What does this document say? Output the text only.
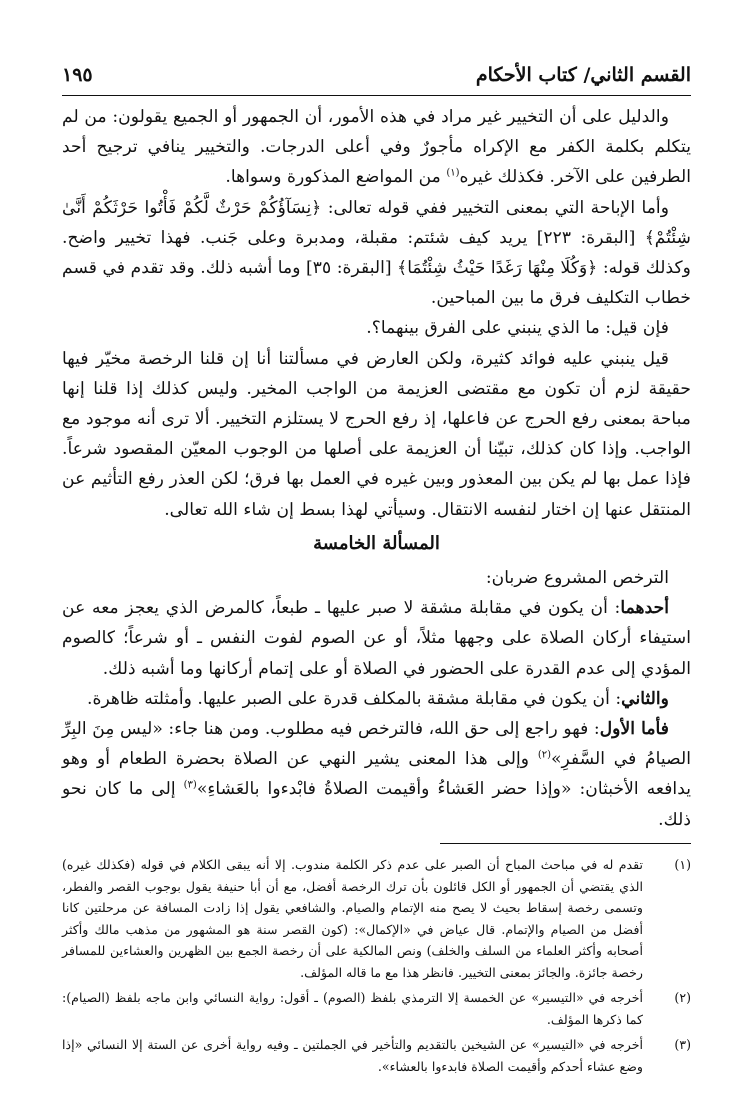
القسم الثاني/ كتاب الأحكام
١٩٥

والدليل على أن التخيير غير مراد في هذه الأمور، أن الجمهور أو الجميع يقولون: من لم يتكلم بكلمة الكفر مع الإكراه مأجورٌ وفي أعلى الدرجات. والتخيير ينافي ترجيح أحد الطرفين على الآخر. فكذلك غيره$^{(١)}$ من المواضع المذكورة وسواها.

وأما الإباحة التي بمعنى التخيير ففي قوله تعالى: ﴿نِسَآؤُكُمْ حَرْثٌ لَّكُمْ فَأْتُوا حَرْثَكُمْ أَنَّىٰ شِئْتُمْ﴾ [البقرة: ٢٢٣] يريد كيف شئتم: مقبلة، ومدبرة وعلى جَنب. فهذا تخيير واضح. وكذلك قوله: ﴿وَكُلَا مِنْهَا رَغَدًا حَيْثُ شِئْتُمَا﴾ [البقرة: ٣٥] وما أشبه ذلك. وقد تقدم في قسم خطاب التكليف فرق ما بين المباحين.

فإن قيل: ما الذي ينبني على الفرق بينهما؟.

قيل ينبني عليه فوائد كثيرة، ولكن العارض في مسألتنا أنا إن قلنا الرخصة مخيّر فيها حقيقة لزم أن تكون مع مقتضى العزيمة من الواجب المخير. وليس كذلك إذا قلنا إنها مباحة بمعنى رفع الحرج عن فاعلها، إذ رفع الحرج لا يستلزم التخيير. ألا ترى أنه موجود مع الواجب. وإذا كان كذلك، تبيّنا أن العزيمة على أصلها من الوجوب المعيّن المقصود شرعاً. فإذا عمل بها لم يكن بين المعذور وبين غيره في العمل بها فرق؛ لكن العذر رفع التأثيم عن المنتقل عنها إن اختار لنفسه الانتقال. وسيأتي لهذا بسط إن شاء الله تعالى.

المسألة الخامسة

الترخص المشروع ضربان:

أحدهما: أن يكون في مقابلة مشقة لا صبر عليها ـ طبعاً، كالمرض الذي يعجز معه عن استيفاء أركان الصلاة على وجهها مثلاً، أو عن الصوم لفوت النفس ـ أو شرعاً؛ كالصوم المؤدي إلى عدم القدرة على الحضور في الصلاة أو على إتمام أركانها وما أشبه ذلك.

والثاني: أن يكون في مقابلة مشقة بالمكلف قدرة على الصبر عليها. وأمثلته ظاهرة.

فأما الأول: فهو راجع إلى حق الله، فالترخص فيه مطلوب. ومن هنا جاء: «ليس مِنَ البِرِّ الصيامُ في السَّفرِ»$^{(٢)}$ وإلى هذا المعنى يشير النهي عن الصلاة بحضرة الطعام أو وهو يدافعه الأخبثان: «وإذا حضر العَشاءُ وأقيمت الصلاةُ فابْدءوا بالعَشاءِ»$^{(٣)}$ إلى ما كان نحو ذلك.

(١)
تقدم له في مباحث المباح أن الصبر على عدم ذكر الكلمة مندوب. إلا أنه يبقى الكلام في قوله (فكذلك غيره) الذي يقتضي أن الجمهور أو الكل قائلون بأن ترك الرخصة أفضل، مع أن أبا حنيفة يقول بوجوب القصر والفطر، وتسمى رخصة إسقاط بحيث لا يصح منه الإتمام والصيام. والشافعي يقول إذا زادت المسافة عن مرحلتين كانا أفضل من الصيام والإتمام. قال عياض في «الإكمال»: (كون القصر سنة هو المشهور من مذهب مالك وأكثر أصحابه وأكثر العلماء من السلف والخلف) ونص المالكية على أن رخصة الجمع بين الظهرين والعشاءين للمسافر رخصة جائزة. والجائز بمعنى التخيير. فانظر هذا مع ما قاله المؤلف.
(٢)
أخرجه في «التيسير» عن الخمسة إلا الترمذي بلفظ (الصوم) ـ أقول: رواية النسائي وابن ماجه بلفظ (الصيام): كما ذكرها المؤلف.
(٣)
أخرجه في «التيسير» عن الشيخين بالتقديم والتأخير في الجملتين ـ وفيه رواية أخرى عن الستة إلا النسائي «إذا وضع عشاء أحدكم وأقيمت الصلاة فابدءوا بالعشاء».
